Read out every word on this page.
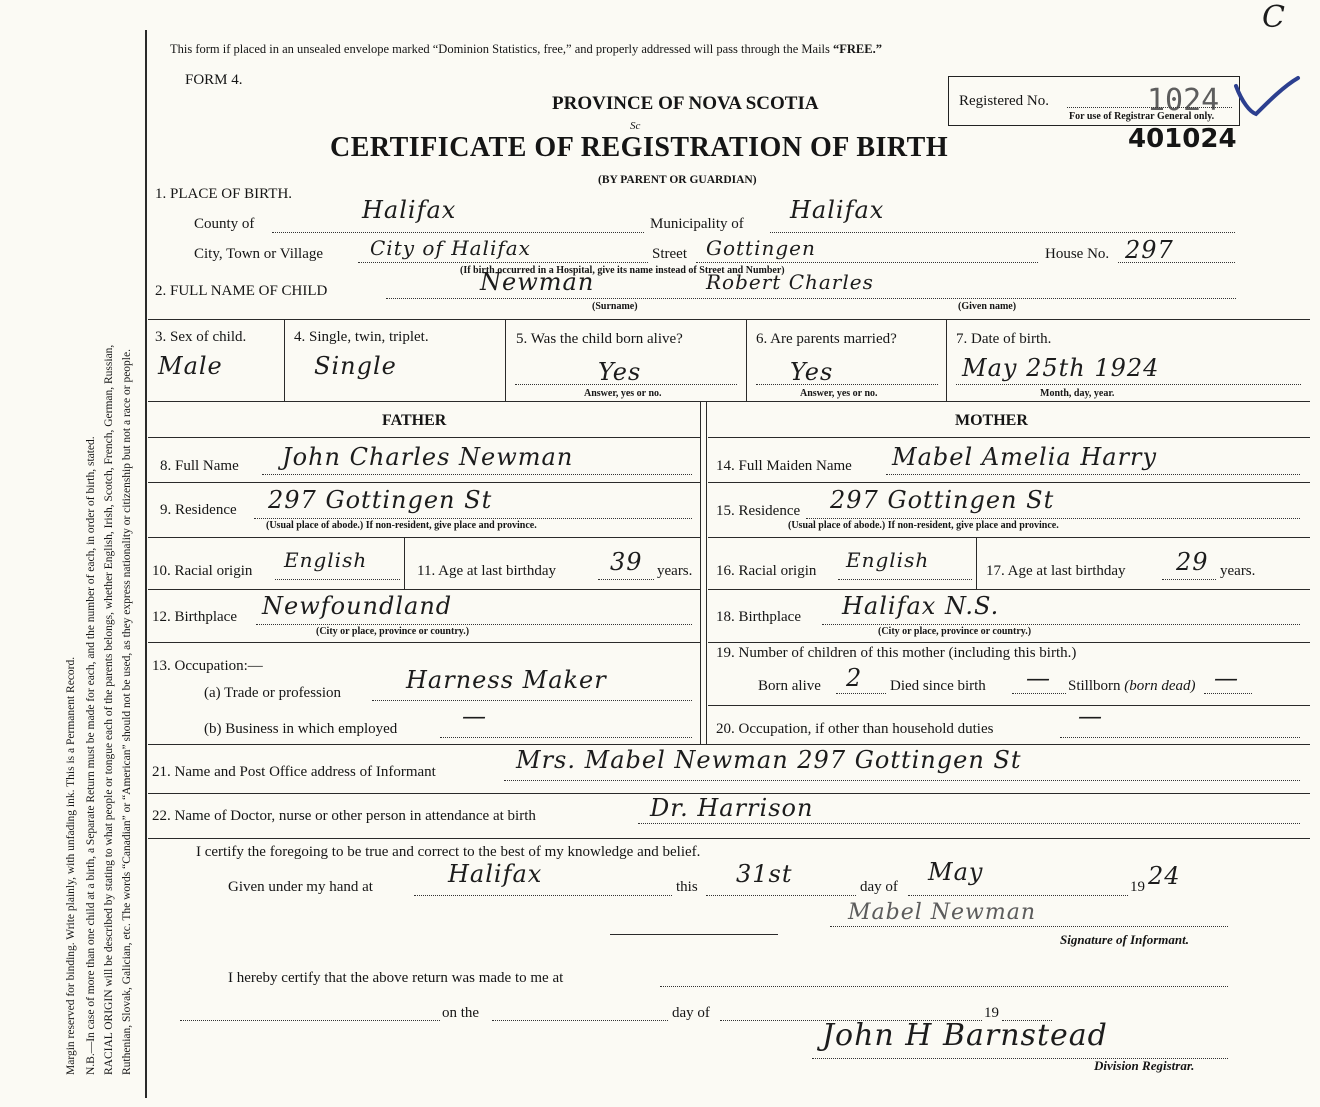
Margin reserved for binding. Write plainly, with unfading ink. This is a Permanent Record. N.B.—In case of more than one child at a birth, a Separate Return must be made for each, and the number of each, in order of birth, stated. RACIAL ORIGIN will be described by stating to what people or tongue each of the parents belongs, whether English, Irish, Scotch, French, German, Russian, Ruthenian, Slovak, Galician, etc. The words “Canadian” or “American” should not be used, as they express nationality or citizenship but not a race or people.
C
This form if placed in an unsealed envelope marked “Dominion Statistics, free,” and properly addressed will pass through the Mails “FREE.”
FORM 4.
PROVINCE OF NOVA SCOTIA
CERTIFICATE OF REGISTRATION OF BIRTH
Sc
(BY PARENT OR GUARDIAN)
Registered No.
For use of Registrar General only.
1024
401024
1. PLACE OF BIRTH.
County of	Halifax	Municipality of Halifax
City, Town or Village City of Halifax	Street Gottingen
(If birth occurred in a Hospital, give its name instead of Street and Number)
House No. 297
2. FULL NAME OF CHILD	Newman	Robert Charles
(Surname)	(Given name)
3. Sex of child.
Male
4. Single, twin, triplet.
Single
5. Was the child born alive?
Yes
Answer, yes or no.
6. Are parents married?
Yes
Answer, yes or no.
7. Date of birth.
May 25th 1924
Month, day, year.
FATHER	MOTHER
8. Full Name John Charles Newman
9. Residence 297 Gottingen St
(Usual place of abode.) If non-resident, give place and province.
10. Racial origin English	11. Age at last birthday 39 years.
12. Birthplace Newfoundland
(City or place, province or country.)
13. Occupation:—
(a) Trade or profession	Harness Maker
(b) Business in which employed	—
14. Full Maiden Name Mabel Amelia Harry
15. Residence 297 Gottingen St
(Usual place of abode.) If non-resident, give place and province.
16. Racial origin English	17. Age at last birthday 29 years.
18. Birthplace Halifax N.S.
(City or place, province or country.)
19. Number of children of this mother (including this birth.)
Born alive 2 Died since birth — Stillborn (born dead) —
20. Occupation, if other than household duties	—
21. Name and Post Office address of Informant	Mrs. Mabel Newman 297 Gottingen St
22. Name of Doctor, nurse or other person in attendance at birth	Dr. Harrison
I certify the foregoing to be true and correct to the best of my knowledge and belief.
Given under my hand at	Halifax	this 31st	day of
May
19 24
Mabel Newman
Signature of Informant.
I hereby certify that the above return was made to me at
on the	day of	19
John H Barnstead
Division Registrar.
